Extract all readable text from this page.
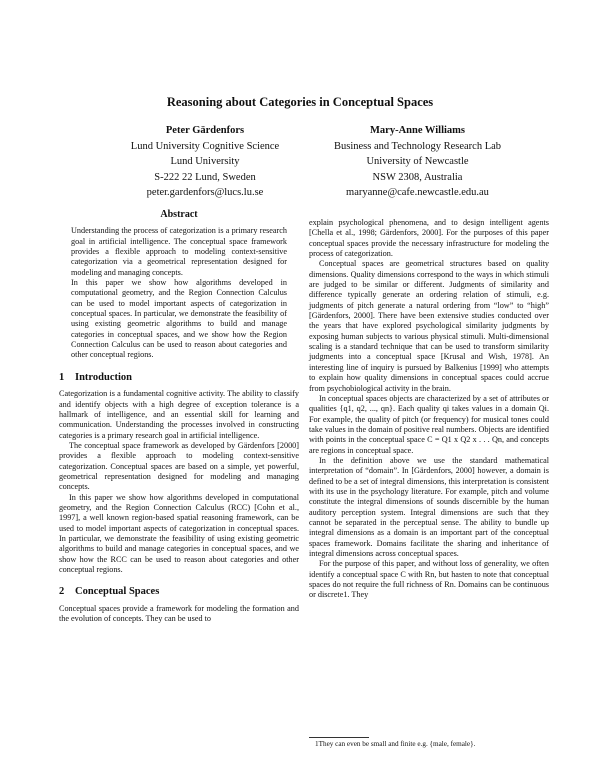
Reasoning about Categories in Conceptual Spaces
Peter Gärdenfors
Lund University Cognitive Science
Lund University
S-222 22 Lund, Sweden
peter.gardenfors@lucs.lu.se
Mary-Anne Williams
Business and Technology Research Lab
University of Newcastle
NSW 2308, Australia
maryanne@cafe.newcastle.edu.au
Abstract

Understanding the process of categorization is a primary research goal in artificial intelligence. The conceptual space framework provides a flexible approach to modeling context-sensitive categorization via a geometrical representation designed for modeling and managing concepts.

In this paper we show how algorithms developed in computational geometry, and the Region Connection Calculus can be used to model important aspects of categorization in conceptual spaces. In particular, we demonstrate the feasibility of using existing geometric algorithms to build and manage categories in conceptual spaces, and we show how the Region Connection Calculus can be used to reason about categories and other conceptual regions.

1 Introduction

Categorization is a fundamental cognitive activity. The ability to classify and identify objects with a high degree of exception tolerance is a hallmark of intelligence, and an essential skill for learning and communication. Understanding the processes involved in constructing categories is a primary research goal in artificial intelligence.

The conceptual space framework as developed by Gärdenfors [2000] provides a flexible approach to modeling context-sensitive categorization. Conceptual spaces are based on a simple, yet powerful, geometrical representation designed for modeling and managing concepts.

In this paper we show how algorithms developed in computational geometry, and the Region Connection Calculus (RCC) [Cohn et al., 1997], a well known region-based spatial reasoning framework, can be used to model important aspects of categorization in conceptual spaces. In particular, we demonstrate the feasibility of using existing geometric algorithms to build and manage categories in conceptual spaces, and we show how the RCC can be used to reason about categories and other conceptual regions.

2 Conceptual Spaces

Conceptual spaces provide a framework for modeling the formation and the evolution of concepts. They can be used to

explain psychological phenomena, and to design intelligent agents [Chella et al., 1998; Gärdenfors, 2000]. For the purposes of this paper conceptual spaces provide the necessary infrastructure for modeling the process of categorization.

Conceptual spaces are geometrical structures based on quality dimensions. Quality dimensions correspond to the ways in which stimuli are judged to be similar or different. Judgments of similarity and difference typically generate an ordering relation of stimuli, e.g. judgments of pitch generate a natural ordering from “low” to “high” [Gärdenfors, 2000]. There have been extensive studies conducted over the years that have explored psychological similarity judgments by exposing human subjects to various physical stimuli. Multi-dimensional scaling is a standard technique that can be used to transform similarity judgments into a conceptual space [Krusal and Wish, 1978]. An interesting line of inquiry is pursued by Balkenius [1999] who attempts to explain how quality dimensions in conceptual spaces could accrue from psychobiological activity in the brain.

In conceptual spaces objects are characterized by a set of attributes or qualities {q1, q2, ..., qn}. Each quality qi takes values in a domain Qi. For example, the quality of pitch (or frequency) for musical tones could take values in the domain of positive real numbers. Objects are identified with points in the conceptual space C = Q1 x Q2 x . . . Qn, and concepts are regions in conceptual space.

In the definition above we use the standard mathematical interpretation of “domain”. In [Gärdenfors, 2000] however, a domain is defined to be a set of integral dimensions, this interpretation is consistent with its use in the psychology literature. For example, pitch and volume constitute the integral dimensions of sounds discernible by the human auditory perception system. Integral dimensions are such that they cannot be separated in the perceptual sense. The ability to bundle up integral dimensions as a domain is an important part of the conceptual spaces framework. Domains facilitate the sharing and inheritance of integral dimensions across conceptual spaces.

For the purpose of this paper, and without loss of generality, we often identify a conceptual space C with Rn, but hasten to note that conceptual spaces do not require the full richness of Rn. Domains can be continuous or discrete1. They

1They can even be small and finite e.g. {male, female}.
